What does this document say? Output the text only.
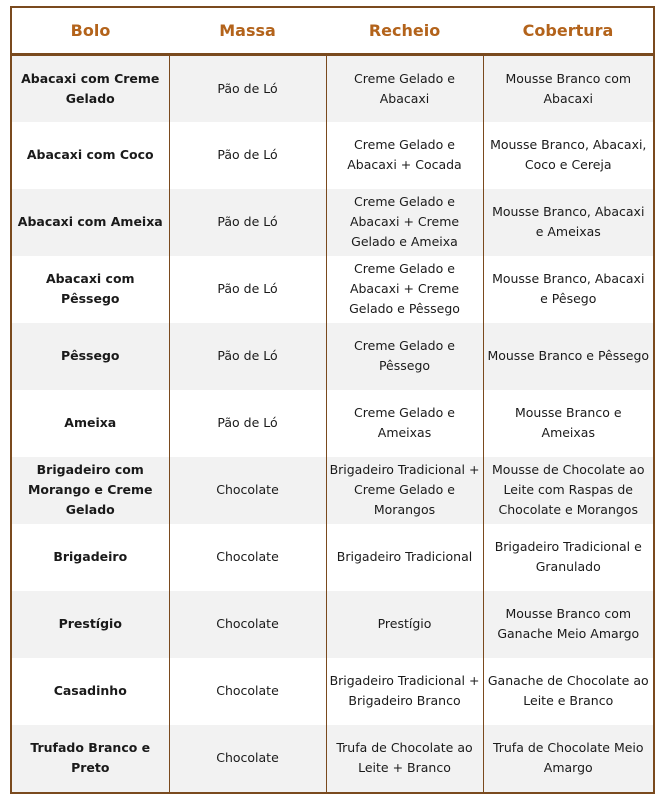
Bolo	Massa	Recheio	Cobertura
Abacaxi com Creme Gelado	Pão de Ló	Creme Gelado e Abacaxi	Mousse Branco com Abacaxi
Abacaxi com Coco	Pão de Ló	Creme Gelado e Abacaxi + Cocada	Mousse Branco, Abacaxi, Coco e Cereja
Abacaxi com Ameixa	Pão de Ló	Creme Gelado e Abacaxi + Creme Gelado e Ameixa	Mousse Branco, Abacaxi e Ameixas
Abacaxi com Pêssego	Pão de Ló	Creme Gelado e Abacaxi + Creme Gelado e Pêssego	Mousse Branco, Abacaxi e Pêsego
Pêssego	Pão de Ló	Creme Gelado e Pêssego	Mousse Branco e Pêssego
Ameixa	Pão de Ló	Creme Gelado e Ameixas	Mousse Branco e Ameixas
Brigadeiro com Morango e Creme Gelado	Chocolate	Brigadeiro Tradicional + Creme Gelado e Morangos	Mousse de Chocolate ao Leite com Raspas de Chocolate e Morangos
Brigadeiro	Chocolate	Brigadeiro Tradicional	Brigadeiro Tradicional e Granulado
Prestígio	Chocolate	Prestígio	Mousse Branco com Ganache Meio Amargo
Casadinho	Chocolate	Brigadeiro Tradicional + Brigadeiro Branco	Ganache de Chocolate ao Leite e Branco
Trufado Branco e Preto	Chocolate	Trufa de Chocolate ao Leite + Branco	Trufa de Chocolate Meio Amargo
